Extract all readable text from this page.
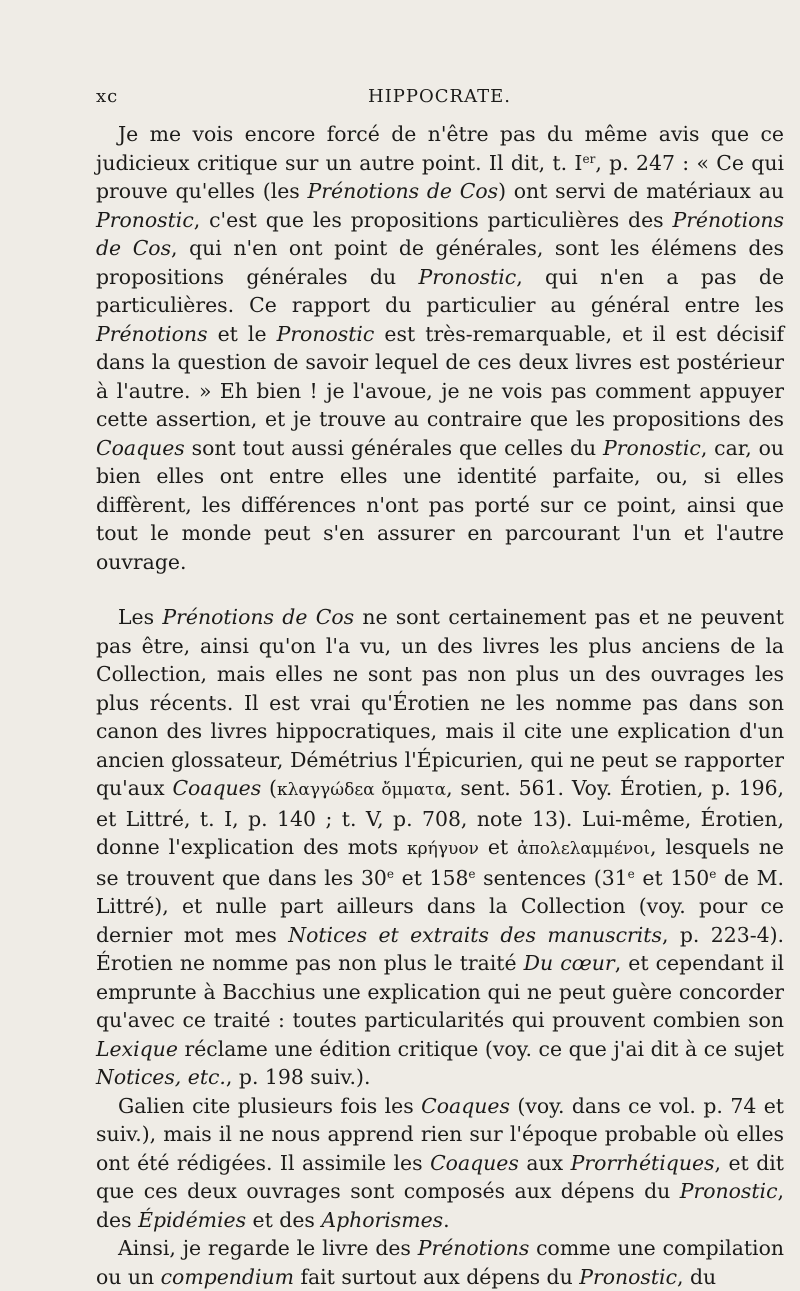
xc	HIPPOCRATE.

Je me vois encore forcé de n'être pas du même avis que ce judicieux critique sur un autre point. Il dit, t. Ier, p. 247 : « Ce qui prouve qu'elles (les Prénotions de Cos) ont servi de matériaux au Pronostic, c'est que les propositions particulières des Prénotions de Cos, qui n'en ont point de générales, sont les élémens des propositions générales du Pronostic, qui n'en a pas de particulières. Ce rapport du particulier au général entre les Prénotions et le Pronostic est très-remarquable, et il est décisif dans la question de savoir lequel de ces deux livres est postérieur à l'autre. » Eh bien ! je l'avoue, je ne vois pas comment appuyer cette assertion, et je trouve au contraire que les propositions des Coaques sont tout aussi générales que celles du Pronostic, car, ou bien elles ont entre elles une identité parfaite, ou, si elles diffèrent, les différences n'ont pas porté sur ce point, ainsi que tout le monde peut s'en assurer en parcourant l'un et l'autre ouvrage.

Les Prénotions de Cos ne sont certainement pas et ne peuvent pas être, ainsi qu'on l'a vu, un des livres les plus anciens de la Collection, mais elles ne sont pas non plus un des ouvrages les plus récents. Il est vrai qu'Érotien ne les nomme pas dans son canon des livres hippocratiques, mais il cite une explication d'un ancien glossateur, Démétrius l'Épicurien, qui ne peut se rapporter qu'aux Coaques (κλαγγώδεα ὄμματα, sent. 561. Voy. Érotien, p. 196, et Littré, t. I, p. 140 ; t. V, p. 708, note 13). Lui-même, Érotien, donne l'explication des mots κρήγυον et ἀπολελαμμένοι, lesquels ne se trouvent que dans les 30e et 158e sentences (31e et 150e de M. Littré), et nulle part ailleurs dans la Collection (voy. pour ce dernier mot mes Notices et extraits des manuscrits, p. 223-4). Érotien ne nomme pas non plus le traité Du cœur, et cependant il emprunte à Bacchius une explication qui ne peut guère concorder qu'avec ce traité : toutes particularités qui prouvent combien son Lexique réclame une édition critique (voy. ce que j'ai dit à ce sujet Notices, etc., p. 198 suiv.).

Galien cite plusieurs fois les Coaques (voy. dans ce vol. p. 74 et suiv.), mais il ne nous apprend rien sur l'époque probable où elles ont été rédigées. Il assimile les Coaques aux Prorrhétiques, et dit que ces deux ouvrages sont composés aux dépens du Pronostic, des Épidémies et des Aphorismes.

Ainsi, je regarde le livre des Prénotions comme une compilation ou un compendium fait surtout aux dépens du Pronostic, du
